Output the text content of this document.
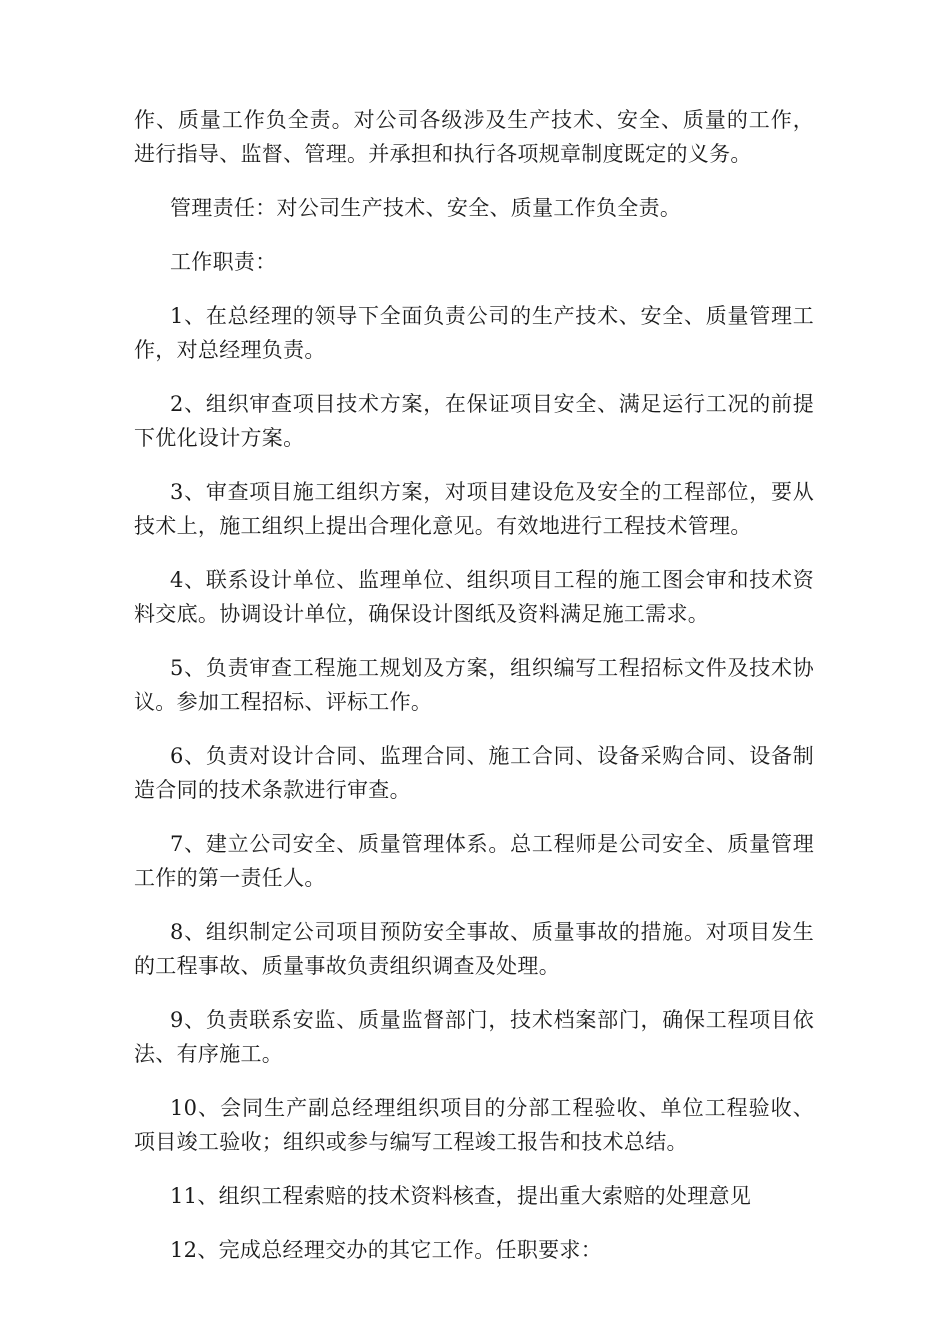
作、质量工作负全责。对公司各级涉及生产技术、安全、质量的工作，进行指导、监督、管理。并承担和执行各项规章制度既定的义务。

管理责任：对公司生产技术、安全、质量工作负全责。

工作职责：

1、在总经理的领导下全面负责公司的生产技术、安全、质量管理工作，对总经理负责。

2、组织审查项目技术方案，在保证项目安全、满足运行工况的前提下优化设计方案。

3、审查项目施工组织方案，对项目建设危及安全的工程部位，要从技术上，施工组织上提出合理化意见。有效地进行工程技术管理。

4、联系设计单位、监理单位、组织项目工程的施工图会审和技术资料交底。协调设计单位，确保设计图纸及资料满足施工需求。

5、负责审查工程施工规划及方案，组织编写工程招标文件及技术协议。参加工程招标、评标工作。

6、负责对设计合同、监理合同、施工合同、设备采购合同、设备制造合同的技术条款进行审查。

7、建立公司安全、质量管理体系。总工程师是公司安全、质量管理工作的第一责任人。

8、组织制定公司项目预防安全事故、质量事故的措施。对项目发生的工程事故、质量事故负责组织调查及处理。

9、负责联系安监、质量监督部门，技术档案部门，确保工程项目依法、有序施工。

10、会同生产副总经理组织项目的分部工程验收、单位工程验收、项目竣工验收；组织或参与编写工程竣工报告和技术总结。

11、组织工程索赔的技术资料核查，提出重大索赔的处理意见

12、完成总经理交办的其它工作。任职要求：
